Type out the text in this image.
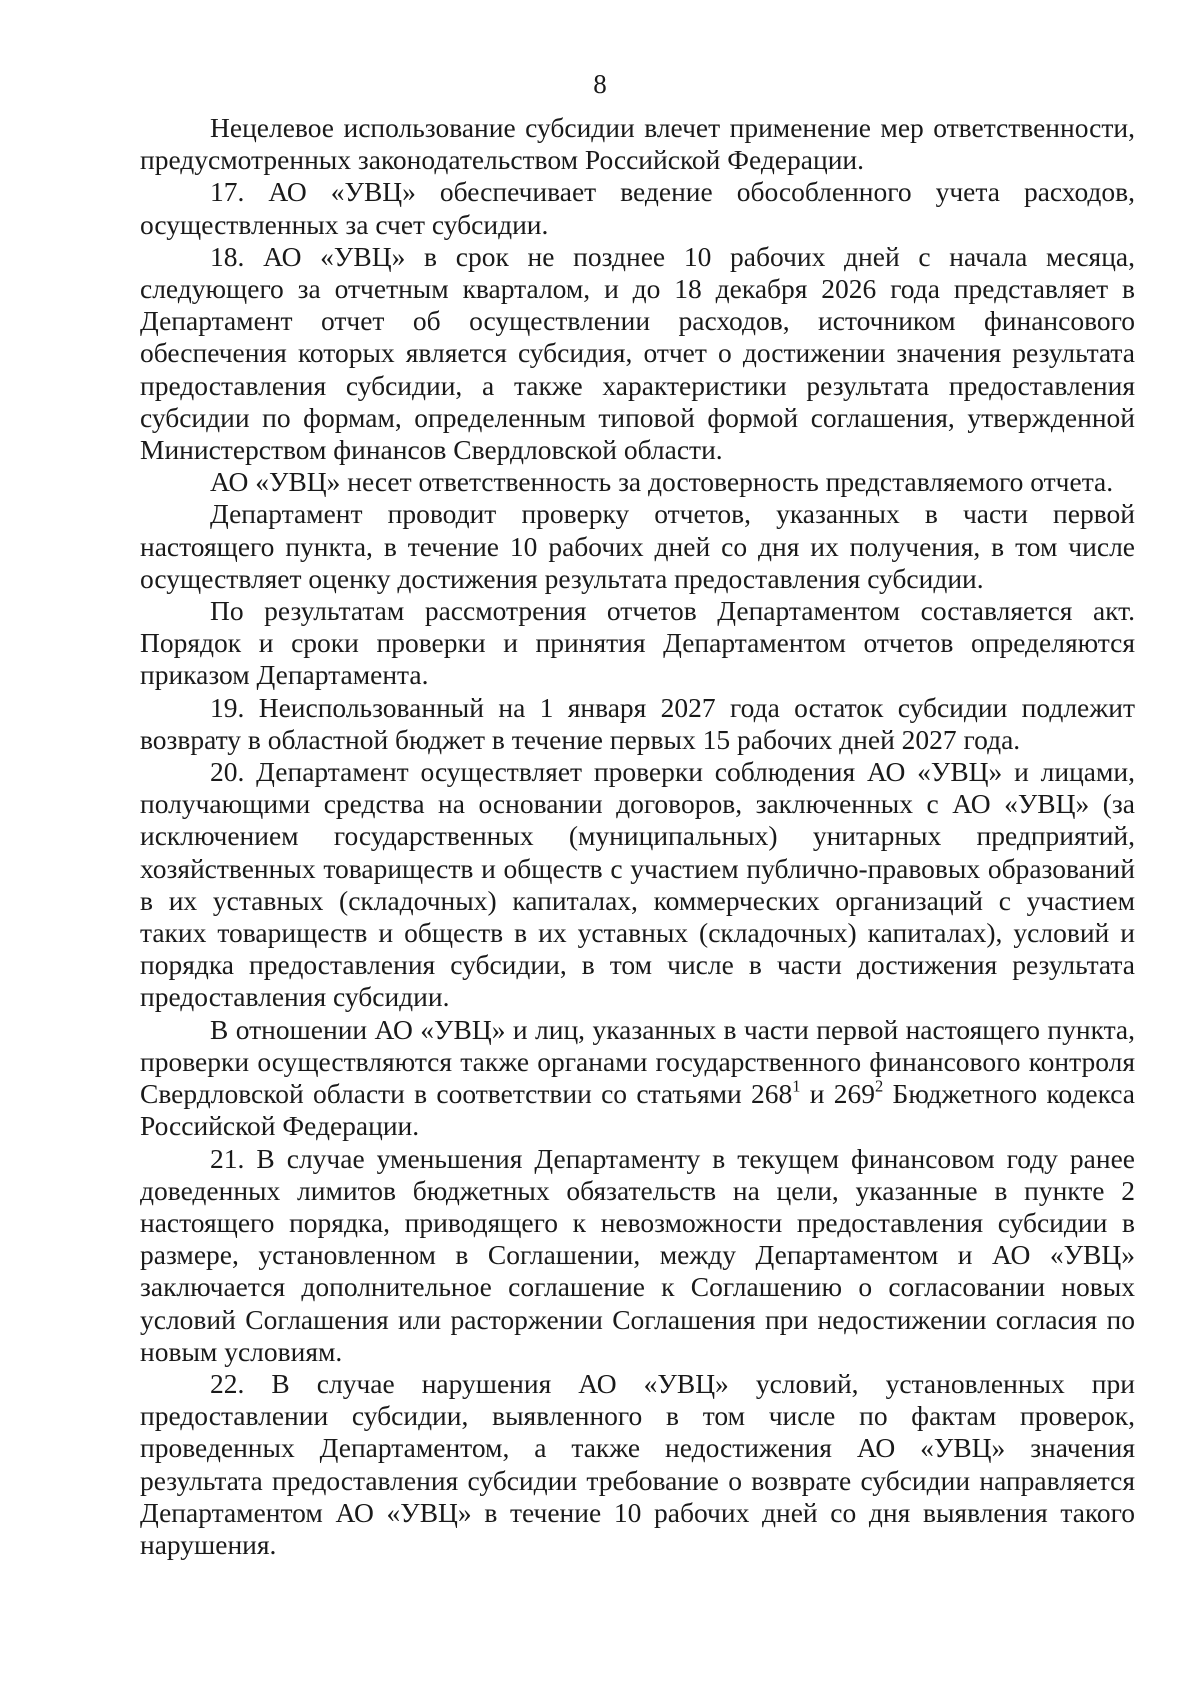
8

Нецелевое использование субсидии влечет применение мер ответственности, предусмотренных законодательством Российской Федерации.

17. АО «УВЦ» обеспечивает ведение обособленного учета расходов, осуществленных за счет субсидии.

18. АО «УВЦ» в срок не позднее 10 рабочих дней с начала месяца, следующего за отчетным кварталом, и до 18 декабря 2026 года представляет в Департамент отчет об осуществлении расходов, источником финансового обеспечения которых является субсидия, отчет о достижении значения результата предоставления субсидии, а также характеристики результата предоставления субсидии по формам, определенным типовой формой соглашения, утвержденной Министерством финансов Свердловской области.

АО «УВЦ» несет ответственность за достоверность представляемого отчета.

Департамент проводит проверку отчетов, указанных в части первой настоящего пункта, в течение 10 рабочих дней со дня их получения, в том числе осуществляет оценку достижения результата предоставления субсидии.

По результатам рассмотрения отчетов Департаментом составляется акт. Порядок и сроки проверки и принятия Департаментом отчетов определяются приказом Департамента.

19. Неиспользованный на 1 января 2027 года остаток субсидии подлежит возврату в областной бюджет в течение первых 15 рабочих дней 2027 года.

20. Департамент осуществляет проверки соблюдения АО «УВЦ» и лицами, получающими средства на основании договоров, заключенных с АО «УВЦ» (за исключением государственных (муниципальных) унитарных предприятий, хозяйственных товариществ и обществ с участием публично-правовых образований в их уставных (складочных) капиталах, коммерческих организаций с участием таких товариществ и обществ в их уставных (складочных) капиталах), условий и порядка предоставления субсидии, в том числе в части достижения результата предоставления субсидии.

В отношении АО «УВЦ» и лиц, указанных в части первой настоящего пункта, проверки осуществляются также органами государственного финансового контроля Свердловской области в соответствии со статьями $268^1$ и $269^2$ Бюджетного кодекса Российской Федерации.

21. В случае уменьшения Департаменту в текущем финансовом году ранее доведенных лимитов бюджетных обязательств на цели, указанные в пункте 2 настоящего порядка, приводящего к невозможности предоставления субсидии в размере, установленном в Соглашении, между Департаментом и АО «УВЦ» заключается дополнительное соглашение к Соглашению о согласовании новых условий Соглашения или расторжении Соглашения при недостижении согласия по новым условиям.

22. В случае нарушения АО «УВЦ» условий, установленных при предоставлении субсидии, выявленного в том числе по фактам проверок, проведенных Департаментом, а также недостижения АО «УВЦ» значения результата предоставления субсидии требование о возврате субсидии направляется Департаментом АО «УВЦ» в течение 10 рабочих дней со дня выявления такого нарушения.
